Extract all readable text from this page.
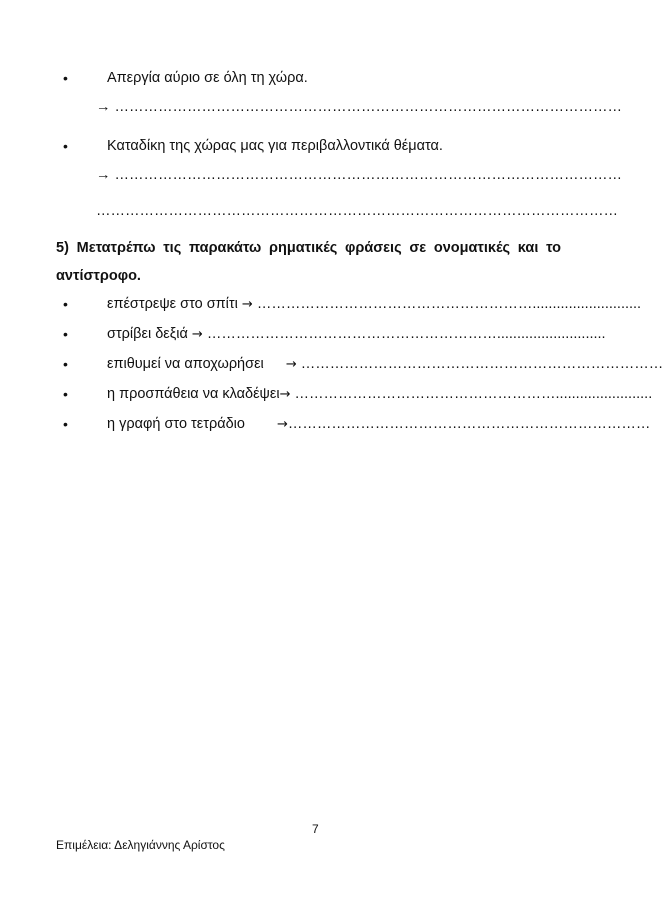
•	Απεργία αύριο σε όλη τη χώρα.
→ ……………………………………………………………………………………………
•	Καταδίκη της χώρας μας για περιβαλλοντικά θέματα.
→ ……………………………………………………………………………………………
………………………………………………………………………………………………
5) Μετατρέπω τις παρακάτω ρηματικές φράσεις σε ονοματικές και το
αντίστροφο.
•	επέστρεψε στο σπίτι → …………………………………………………...........................
•	στρίβει δεξιά → ……………………………………………………...........................
•	επιθυμεί να αποχωρήσει → …………………………………………………………………
•	η προσπάθεια να κλαδέψει→ ………………………………………………........................
•	η γραφή στο τετράδιο →…………………………………………………………………
7
Επιμέλεια: Δεληγιάννης Αρίστος
